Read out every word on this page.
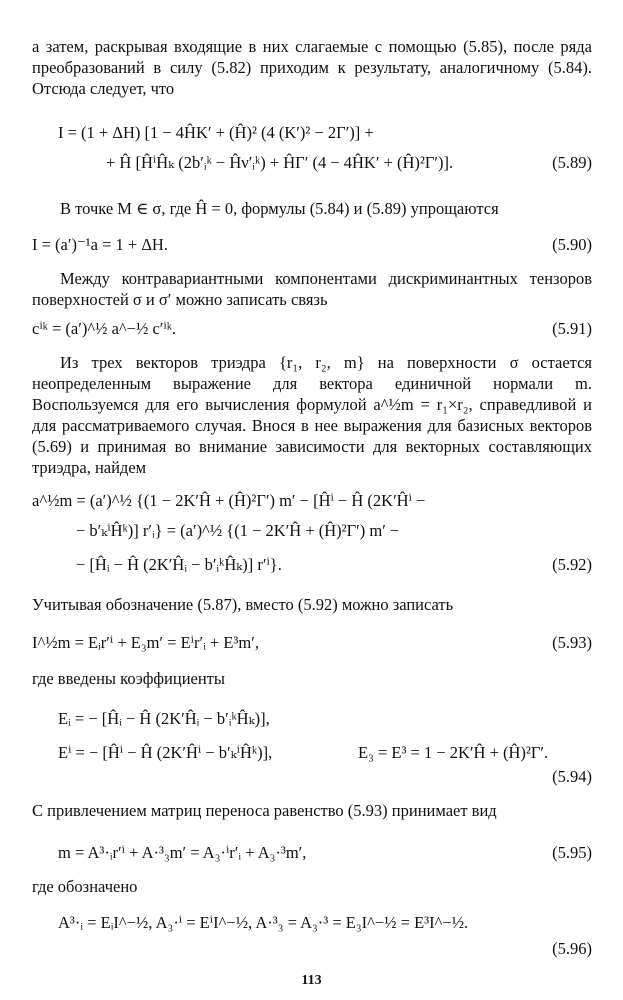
а затем, раскрывая входящие в них слагаемые с помощью (5.85), после ряда преобразований в силу (5.82) приходим к результату, аналогичному (5.84). Отсюда следует, что
I = (1 + ΔH) [1 − 4ĤK′ + (Ĥ)² (4 (K′)² − 2Γ′)] +
+ Ĥ [ĤⁱĤₖ (2b′ᵢᵏ − Ĥν′ᵢᵏ) + ĤΓ′ (4 − 4ĤK′ + (Ĥ)²Γ′)].	(5.89)
В точке M ∈ σ, где Ĥ = 0, формулы (5.84) и (5.89) упрощаются
I = (a′)⁻¹a = 1 + ΔH.	(5.90)
Между контравариантными компонентами дискриминантных тензоров поверхностей σ и σ′ можно записать связь
cⁱᵏ = (a′)^½ a^−½ c′ⁱᵏ.	(5.91)
Из трех векторов триэдра {r₁, r₂, m} на поверхности σ остается неопределенным выражение для вектора единичной нормали m. Воспользуемся для его вычисления формулой a^½m = r₁×r₂, справедливой и для рассматриваемого случая. Внося в нее выражения для базисных векторов (5.69) и принимая во внимание зависимости для векторных составляющих триэдра, найдем
a^½m = (a′)^½ {(1 − 2K′Ĥ + (Ĥ)²Γ′) m′ − [Ĥⁱ − Ĥ (2K′Ĥⁱ −
− b′ₖⁱĤᵏ)] r′ᵢ} = (a′)^½ {(1 − 2K′Ĥ + (Ĥ)²Γ′) m′ −
− [Ĥᵢ − Ĥ (2K′Ĥᵢ − b′ᵢᵏĤₖ)] r′ⁱ}.	(5.92)
Учитывая обозначение (5.87), вместо (5.92) можно записать
I^½m = Eᵢr′ⁱ + E₃m′ = Eⁱr′ᵢ + E³m′,	(5.93)
где введены коэффициенты
Eᵢ = − [Ĥᵢ − Ĥ (2K′Ĥᵢ − b′ᵢᵏĤₖ)],
Eⁱ = − [Ĥⁱ − Ĥ (2K′Ĥⁱ − b′ₖⁱĤᵏ)],	E₃ = E³ = 1 − 2K′Ĥ + (Ĥ)²Γ′.
(5.94)
С привлечением матриц переноса равенство (5.93) принимает вид
m = A³·ᵢr′ⁱ + A·³₃m′ = A₃·ⁱr′ᵢ + A₃·³m′,	(5.95)
где обозначено
A³·ᵢ = EᵢI^−½, A₃·ⁱ = EⁱI^−½, A·³₃ = A₃·³ = E₃I^−½ = E³I^−½.
(5.96)
113
